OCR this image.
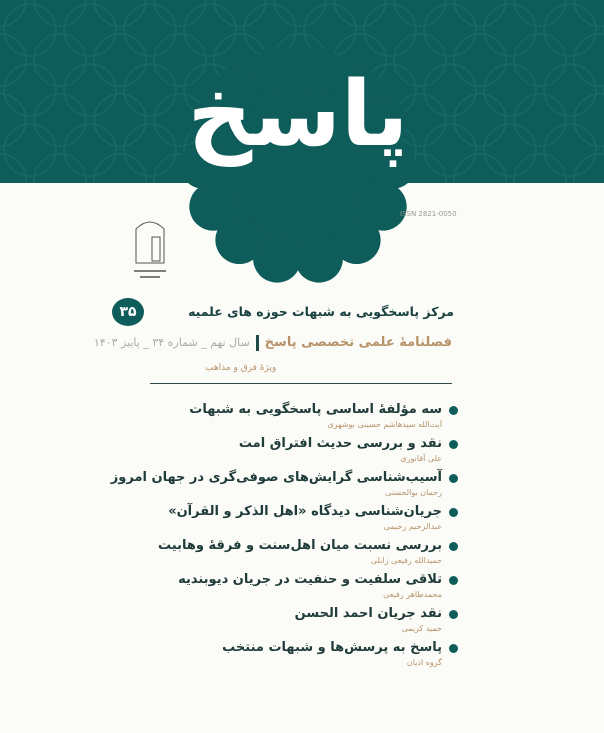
پاسخ
ISSN 2821-0050
۳۵	مرکز پاسخگویی به شبهات حوزه های علمیه
فصلنامهٔ علمی تخصصی پاسخسال نهم _ شماره ۳۴ _ پاییز ۱۴۰۳
ویژهٔ فرق و مذاهب
سه مؤلفهٔ اساسی پاسخگویی به شبهات
آیت‌الله سیدهاشم حسینی بوشهری
نقد و بررسی حدیث افتراق امت
علی آقانوری
آسیب‌شناسی گرایش‌های صوفی‌گری در جهان امروز
رحمان بوالحسنی
جریان‌شناسی دیدگاه «اهل الذکر و القرآن»
عبدالرحیم رحیمی
بررسی نسبت میان اهل‌سنت و فرقهٔ وهابیت
حمیدالله رفیعی زابلی
تلاقی سلفیت و حنفیت در جریان دیوبندیه
محمدطاهر رفیعی
نقد جریان احمد الحسن
حمید کریمی
پاسخ به پرسش‌ها و شبهات منتخب
گروه ادیان
